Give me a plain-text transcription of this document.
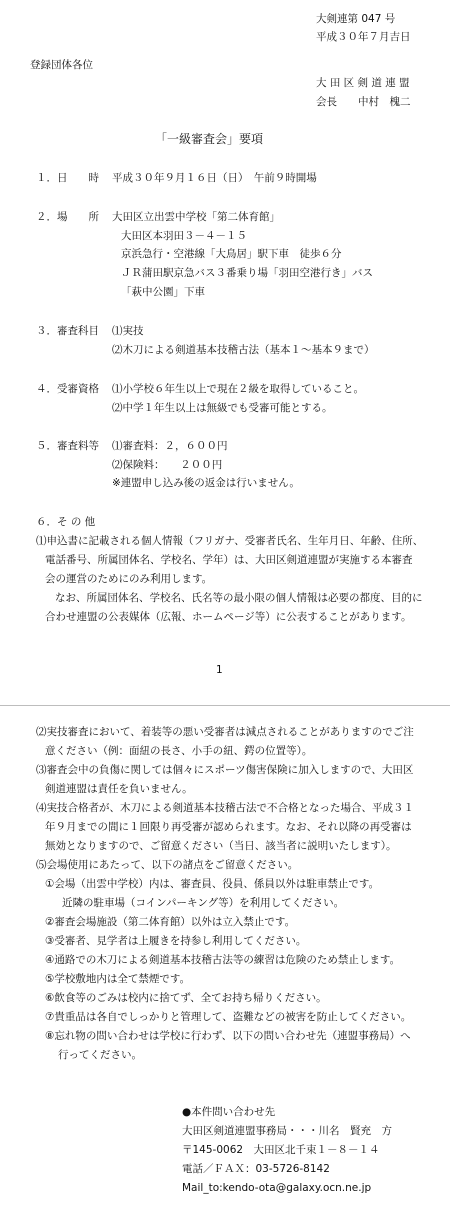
大剣連第 047 号
平成３０年７月吉日
登録団体各位
大 田 区 剣 道 連 盟
会長　　中村　槐二
「一級審査会」要項
１．日　　時 平成３０年９月１６日（日）　午前９時開場
２．場　　所 大田区立出雲中学校「第二体育館」
大田区本羽田３－４－１５
京浜急行・空港線「大鳥居」駅下車　徒歩６分
ＪＲ蒲田駅京急バス３番乗り場「羽田空港行き」バス
「萩中公園」下車
３．審査科目 ⑴実技
⑵木刀による剣道基本技稽古法（基本１～基本９まで）
４．受審資格 ⑴小学校６年生以上で現在２級を取得していること。
⑵中学１年生以上は無級でも受審可能とする。
５．審査料等 ⑴審査料：２，６００円
⑵保険料：　　２００円
※連盟申し込み後の返金は行いません。
６．そ の 他
⑴申込書に記載される個人情報（フリガナ、受審者氏名、生年月日、年齢、住所、
電話番号、所属団体名、学校名、学年）は、大田区剣道連盟が実施する本審査
会の運営のためにのみ利用します。
なお、所属団体名、学校名、氏名等の最小限の個人情報は必要の都度、目的に
合わせ連盟の公表媒体（広報、ホームページ等）に公表することがあります。
1
⑵実技審査において、着装等の悪い受審者は減点されることがありますのでご注
意ください（例：面紐の長さ、小手の紐、鍔の位置等）。
⑶審査会中の負傷に関しては個々にスポーツ傷害保険に加入しますので、大田区
剣道連盟は責任を負いません。
⑷実技合格者が、木刀による剣道基本技稽古法で不合格となった場合、平成３１
年９月までの間に１回限り再受審が認められます。なお、それ以降の再受審は
無効となりますので、ご留意ください（当日、該当者に説明いたします）。
⑸会場使用にあたって、以下の諸点をご留意ください。
①会場（出雲中学校）内は、審査員、役員、係員以外は駐車禁止です。
近隣の駐車場（コインパーキング等）を利用してください。
②審査会場施設（第二体育館）以外は立入禁止です。
③受審者、見学者は上履きを持参し利用してください。
④通路での木刀による剣道基本技稽古法等の練習は危険のため禁止します。
⑤学校敷地内は全て禁煙です。
⑥飲食等のごみは校内に捨てず、全てお持ち帰りください。
⑦貴重品は各自でしっかりと管理して、盗難などの被害を防止してください。
⑧忘れ物の問い合わせは学校に行わず、以下の問い合わせ先（連盟事務局）へ
行ってください。
●本件問い合わせ先
大田区剣道連盟事務局・・・川名　賢充　方
〒145-0062　大田区北千束１－８－１４
電話／ＦＡＸ：03-5726-8142
Mail_to:kendo-ota@galaxy.ocn.ne.jp
